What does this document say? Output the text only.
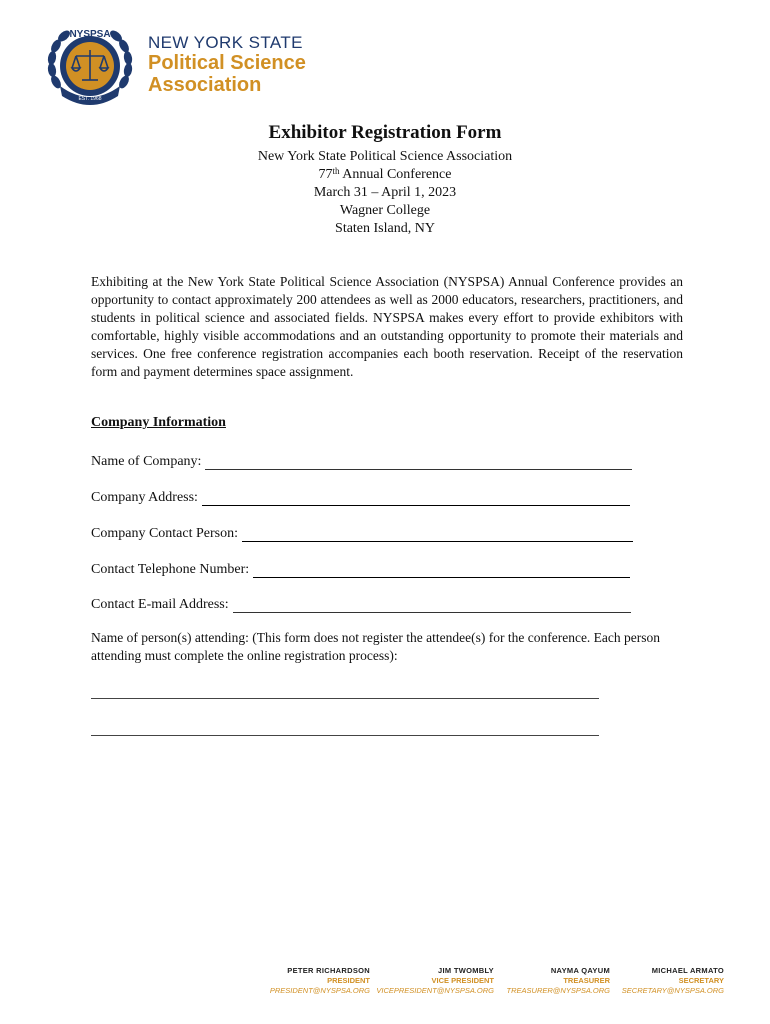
NYSPSA
EST. 1968
NEW YORK STATE
Political Science
Association
Exhibitor Registration Form
New York State Political Science Association
77th Annual Conference
March 31 – April 1, 2023
Wagner College
Staten Island, NY
Exhibiting at the New York State Political Science Association (NYSPSA) Annual Conference provides an opportunity to contact approximately 200 attendees as well as 2000 educators, researchers, practitioners, and students in political science and associated fields. NYSPSA makes every effort to provide exhibitors with comfortable, highly visible accommodations and an outstanding opportunity to promote their materials and services. One free conference registration accompanies each booth reservation. Receipt of the reservation form and payment determines space assignment.
Company Information
Name of Company:
Company Address:
Company Contact Person:
Contact Telephone Number:
Contact E-mail Address:
Name of person(s) attending: (This form does not register the attendee(s) for the conference. Each person attending must complete the online registration process):
PETER RICHARDSON
PRESIDENT
PRESIDENT@NYSPSA.ORG
JIM TWOMBLY
VICE PRESIDENT
VICEPRESIDENT@NYSPSA.ORG
NAYMA QAYUM
TREASURER
TREASURER@NYSPSA.ORG
MICHAEL ARMATO
SECRETARY
SECRETARY@NYSPSA.ORG
